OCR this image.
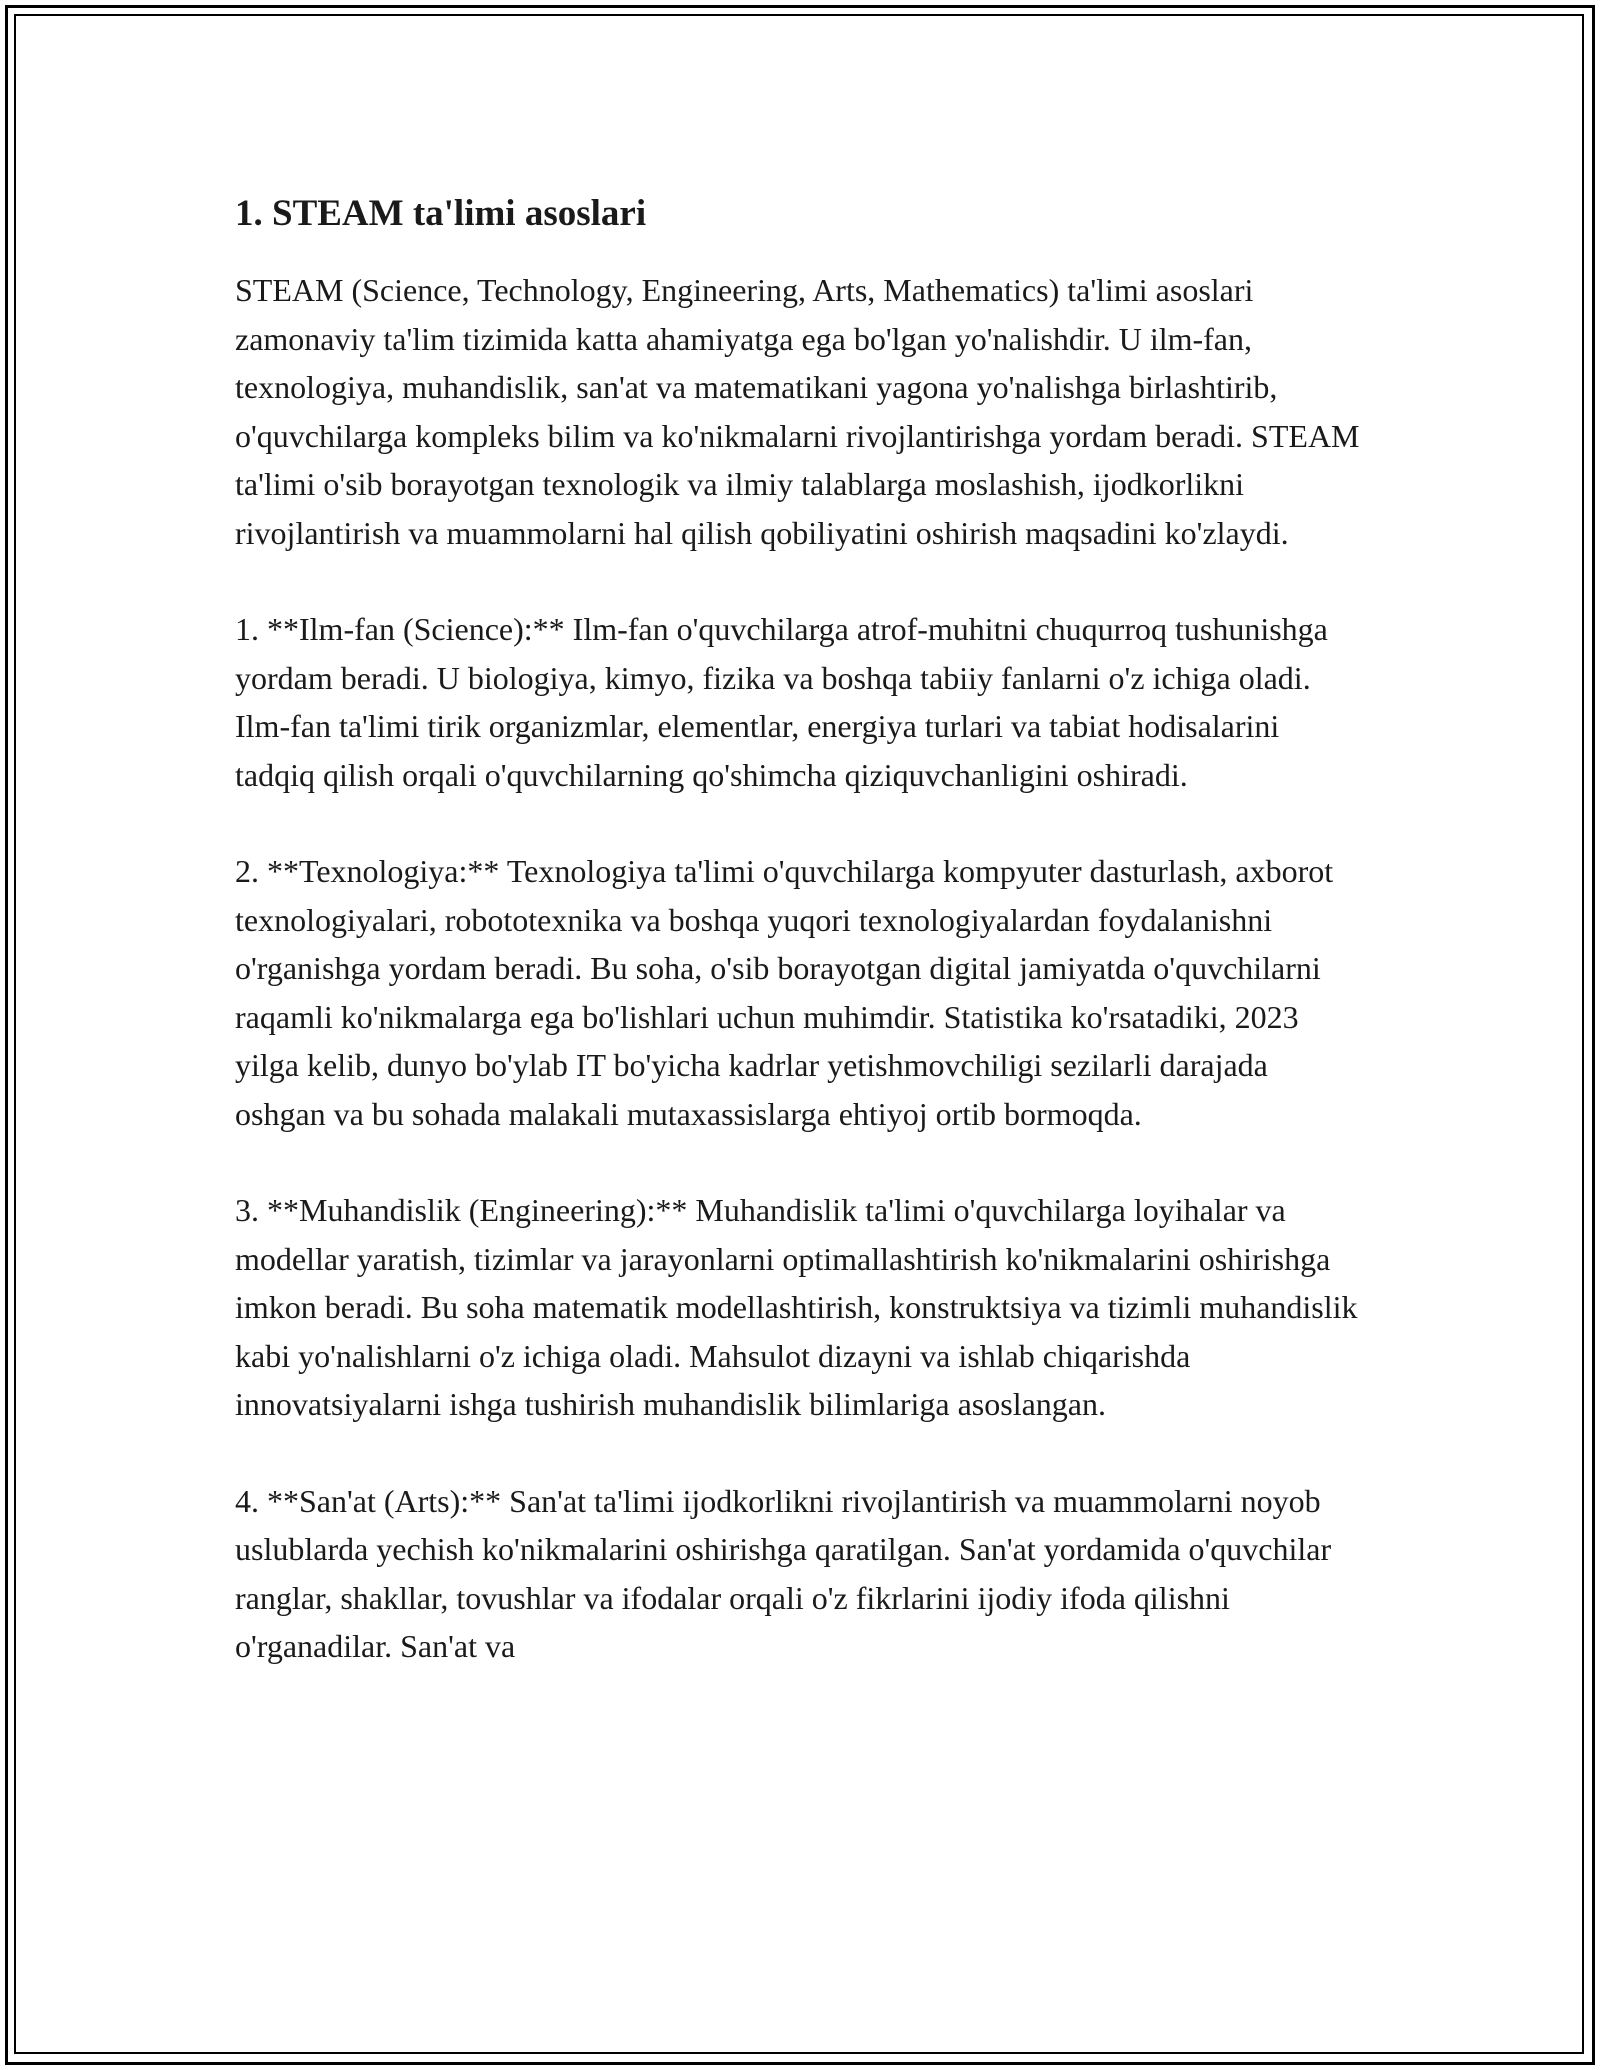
1. STEAM ta'limi asoslari

STEAM (Science, Technology, Engineering, Arts, Mathematics) ta'limi asoslari zamonaviy ta'lim tizimida katta ahamiyatga ega bo'lgan yo'nalishdir. U ilm-fan, texnologiya, muhandislik, san'at va matematikani yagona yo'nalishga birlashtirib, o'quvchilarga kompleks bilim va ko'nikmalarni rivojlantirishga yordam beradi. STEAM ta'limi o'sib borayotgan texnologik va ilmiy talablarga moslashish, ijodkorlikni rivojlantirish va muammolarni hal qilish qobiliyatini oshirish maqsadini ko'zlaydi.

1. **Ilm-fan (Science):** Ilm-fan o'quvchilarga atrof-muhitni chuqurroq tushunishga yordam beradi. U biologiya, kimyo, fizika va boshqa tabiiy fanlarni o'z ichiga oladi. Ilm-fan ta'limi tirik organizmlar, elementlar, energiya turlari va tabiat hodisalarini tadqiq qilish orqali o'quvchilarning qo'shimcha qiziquvchanligini oshiradi.

2. **Texnologiya:** Texnologiya ta'limi o'quvchilarga kompyuter dasturlash, axborot texnologiyalari, robototexnika va boshqa yuqori texnologiyalardan foydalanishni o'rganishga yordam beradi. Bu soha, o'sib borayotgan digital jamiyatda o'quvchilarni raqamli ko'nikmalarga ega bo'lishlari uchun muhimdir. Statistika ko'rsatadiki, 2023 yilga kelib, dunyo bo'ylab IT bo'yicha kadrlar yetishmovchiligi sezilarli darajada oshgan va bu sohada malakali mutaxassislarga ehtiyoj ortib bormoqda.

3. **Muhandislik (Engineering):** Muhandislik ta'limi o'quvchilarga loyihalar va modellar yaratish, tizimlar va jarayonlarni optimallashtirish ko'nikmalarini oshirishga imkon beradi. Bu soha matematik modellashtirish, konstruktsiya va tizimli muhandislik kabi yo'nalishlarni o'z ichiga oladi. Mahsulot dizayni va ishlab chiqarishda innovatsiyalarni ishga tushirish muhandislik bilimlariga asoslangan.

4. **San'at (Arts):** San'at ta'limi ijodkorlikni rivojlantirish va muammolarni noyob uslublarda yechish ko'nikmalarini oshirishga qaratilgan. San'at yordamida o'quvchilar ranglar, shakllar, tovushlar va ifodalar orqali o'z fikrlarini ijodiy ifoda qilishni o'rganadilar. San'at va
